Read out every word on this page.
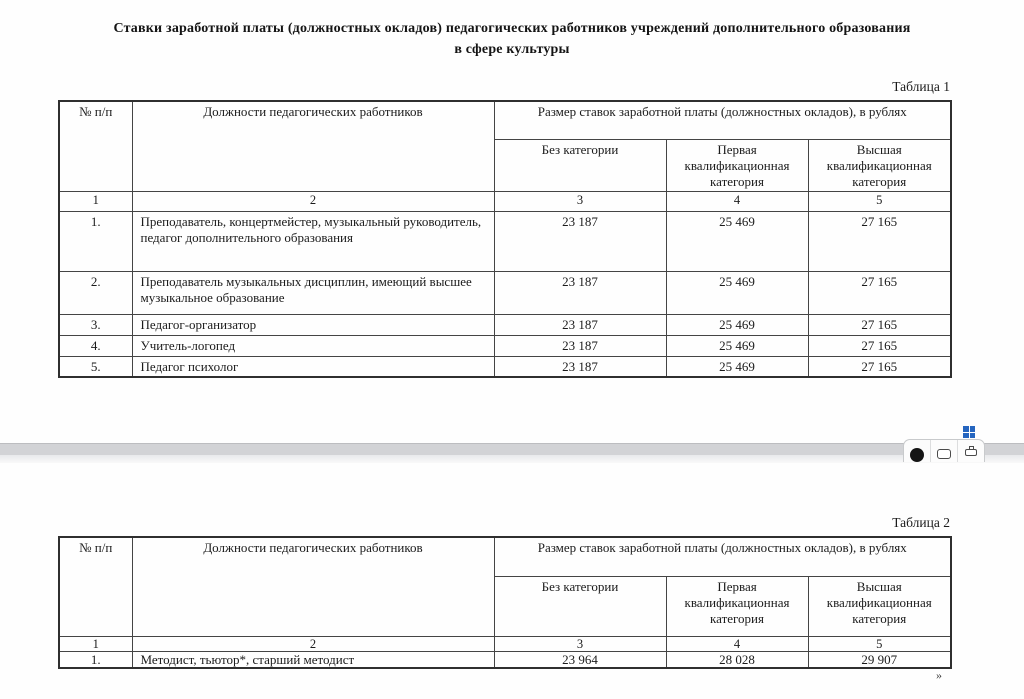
Ставки заработной платы (должностных окладов) педагогических работников учреждений дополнительного образования в сфере культуры
Таблица 1
№ п/п	Должности педагогических работников	Размер ставок заработной платы (должностных окладов), в рублях		
		Без категории	Первая квалификационная категория	Высшая квалификационная категория
1	2	3	4	5
1.	Преподаватель, концертмейстер, музыкальный руководитель, педагог дополнительного образования	23 187	25 469	27 165
2.	Преподаватель музыкальных дисциплин, имеющий высшее музыкальное образование	23 187	25 469	27 165
3.	Педагог-организатор	23 187	25 469	27 165
4.	Учитель-логопед	23 187	25 469	27 165
5.	Педагог психолог	23 187	25 469	27 165
Таблица 2
№ п/п	Должности педагогических работников	Размер ставок заработной платы (должностных окладов), в рублях		
		Без категории	Первая квалификационная категория	Высшая квалификационная категория
1	2	3	4	5
1.	Методист, тьютор*, старший методист	23 964	28 028	29 907
»
